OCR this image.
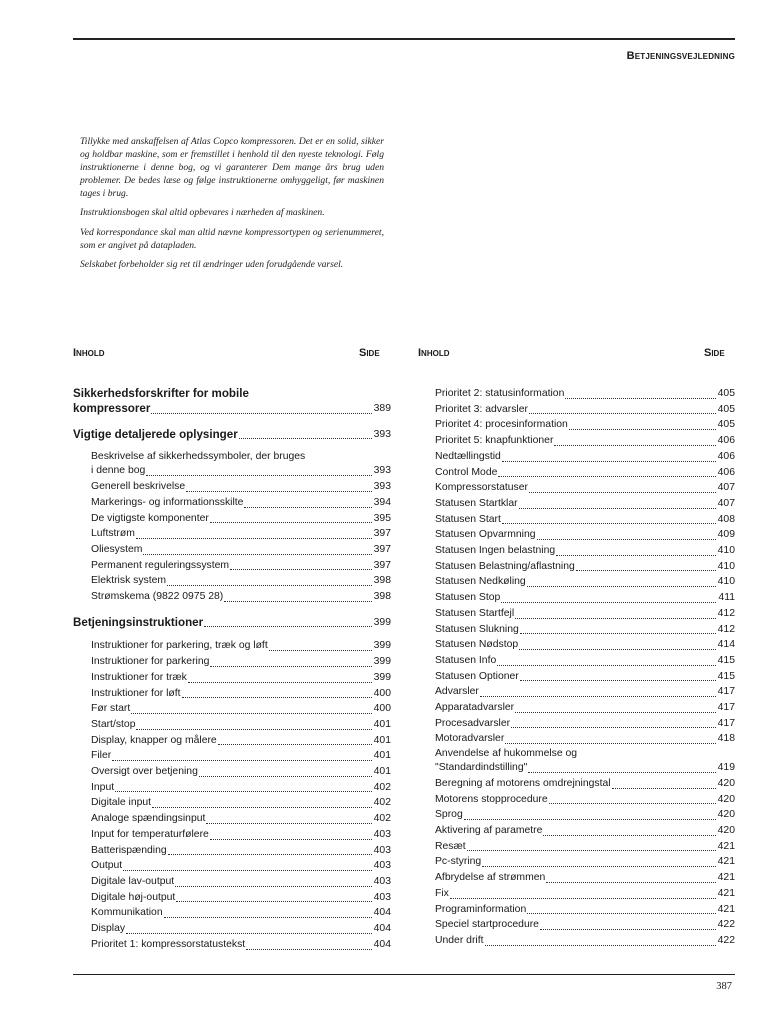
Betjeningsvejledning

Tillykke med anskaffelsen af Atlas Copco kompressoren. Det er en solid, sikker og holdbar maskine, som er fremstillet i henhold til den nyeste teknologi. Følg instruktionerne i denne bog, og vi garanterer Dem mange års brug uden problemer. De bedes læse og følge instruktionerne omhyggeligt, før maskinen tages i brug.

Instruktionsbogen skal altid opbevares i nærheden af maskinen.

Ved korrespondance skal man altid nævne kompressortypen og serienummeret, som er angivet på datapladen.

Selskabet forbeholder sig ret til ændringer uden forudgående varsel.

Inhold	Side	Inhold	Side
Sikkerhedsforskrifter for mobile
kompressorer	389
Vigtige detaljerede oplysinger	393
Beskrivelse af sikkerhedssymboler, der bruges
i denne bog	393
Generell beskrivelse	393
Markerings- og informationsskilte	394
De vigtigste komponenter	395
Luftstrøm	397
Oliesystem	397
Permanent reguleringssystem	397
Elektrisk system	398
Strømskema (9822 0975 28)	398
Betjeningsinstruktioner	399
Instruktioner for parkering, træk og løft	399
Instruktioner for parkering	399
Instruktioner for træk	399
Instruktioner for løft	400
Før start	400
Start/stop	401
Display, knapper og målere	401
Filer	401
Oversigt over betjening	401
Input	402
Digitale input	402
Analoge spændingsinput	402
Input for temperaturfølere	403
Batterispænding	403
Output	403
Digitale lav-output	403
Digitale høj-output	403
Kommunikation	404
Display	404
Prioritet 1: kompressorstatustekst	404
Prioritet 2: statusinformation	405
Prioritet 3: advarsler	405
Prioritet 4: procesinformation	405
Prioritet 5: knapfunktioner	406
Nedtællingstid	406
Control Mode	406
Kompressorstatuser	407
Statusen Startklar	407
Statusen Start	408
Statusen Opvarmning	409
Statusen Ingen belastning	410
Statusen Belastning/aflastning	410
Statusen Nedkøling	410
Statusen Stop	411
Statusen Startfejl	412
Statusen Slukning	412
Statusen Nødstop	414
Statusen Info	415
Statusen Optioner	415
Advarsler	417
Apparatadvarsler	417
Procesadvarsler	417
Motoradvarsler	418
Anvendelse af hukommelse og
"Standardindstilling"	419
Beregning af motorens omdrejningstal	420
Motorens stopprocedure	420
Sprog	420
Aktivering af parametre	420
Resæt	421
Pc-styring	421
Afbrydelse af strømmen	421
Fix	421
Programinformation	421
Speciel startprocedure	422
Under drift	422
387
